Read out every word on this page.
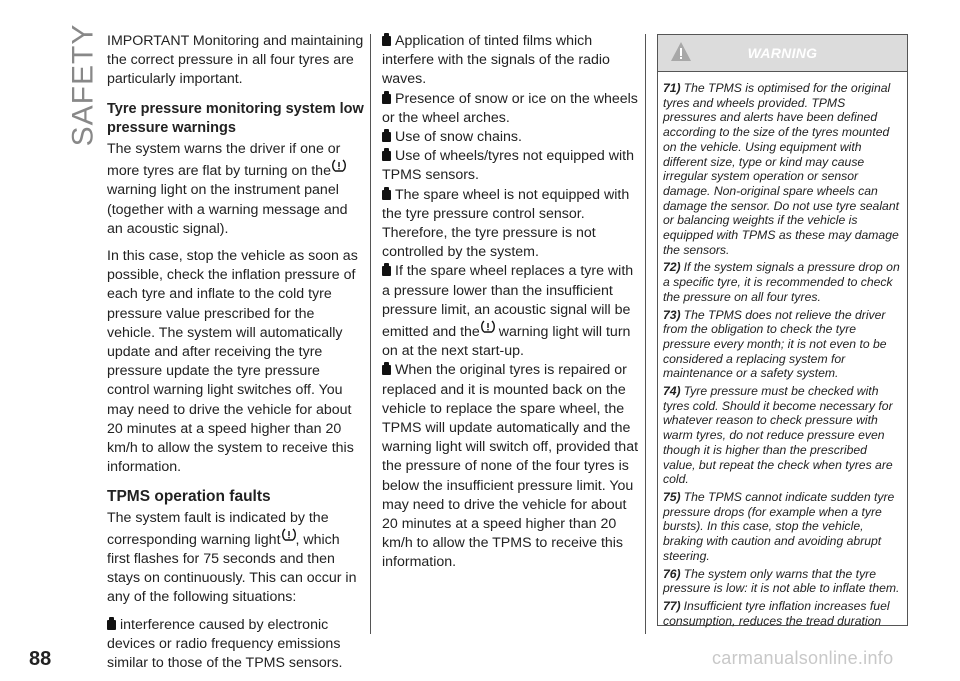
SAFETY IMPORTANT Monitoring and maintaining the correct pressure in all four tyres are particularly important.

Tyre pressure monitoring system low pressure warnings

The system warns the driver if one or more tyres are flat by turning on the warning light on the instrument panel (together with a warning message and an acoustic signal).

In this case, stop the vehicle as soon as possible, check the inflation pressure of each tyre and inflate to the cold tyre pressure value prescribed for the vehicle. The system will automatically update and after receiving the tyre pressure update the tyre pressure control warning light switches off. You may need to drive the vehicle for about 20 minutes at a speed higher than 20 km/h to allow the system to receive this information.

TPMS operation faults

The system fault is indicated by the corresponding warning light , which first flashes for 75 seconds and then stays on continuously. This can occur in any of the following situations:

interference caused by electronic devices or radio frequency emissions similar to those of the TPMS sensors.

Application of tinted films which interfere with the signals of the radio waves.

Presence of snow or ice on the wheels or the wheel arches.

Use of snow chains.

Use of wheels/tyres not equipped with TPMS sensors.

The spare wheel is not equipped with the tyre pressure control sensor. Therefore, the tyre pressure is not controlled by the system.

If the spare wheel replaces a tyre with a pressure lower than the insufficient pressure limit, an acoustic signal will be emitted and the warning light will turn on at the next start-up.

When the original tyres is repaired or replaced and it is mounted back on the vehicle to replace the spare wheel, the TPMS will update automatically and the warning light will switch off, provided that the pressure of none of the four tyres is below the insufficient pressure limit. You may need to drive the vehicle for about 20 minutes at a speed higher than 20 km/h to allow the TPMS to receive this information.

WARNING

71) The TPMS is optimised for the original tyres and wheels provided. TPMS pressures and alerts have been defined according to the size of the tyres mounted on the vehicle. Using equipment with different size, type or kind may cause irregular system operation or sensor damage. Non-original spare wheels can damage the sensor. Do not use tyre sealant or balancing weights if the vehicle is equipped with TPMS as these may damage the sensors.

72) If the system signals a pressure drop on a specific tyre, it is recommended to check the pressure on all four tyres.

73) The TPMS does not relieve the driver from the obligation to check the tyre pressure every month; it is not even to be considered a replacing system for maintenance or a safety system.

74) Tyre pressure must be checked with tyres cold. Should it become necessary for whatever reason to check pressure with warm tyres, do not reduce pressure even though it is higher than the prescribed value, but repeat the check when tyres are cold.

75) The TPMS cannot indicate sudden tyre pressure drops (for example when a tyre bursts). In this case, stop the vehicle, braking with caution and avoiding abrupt steering.

76) The system only warns that the tyre pressure is low: it is not able to inflate them.

77) Insufficient tyre inflation increases fuel consumption, reduces the tread duration

88	carmanualsonline.info
